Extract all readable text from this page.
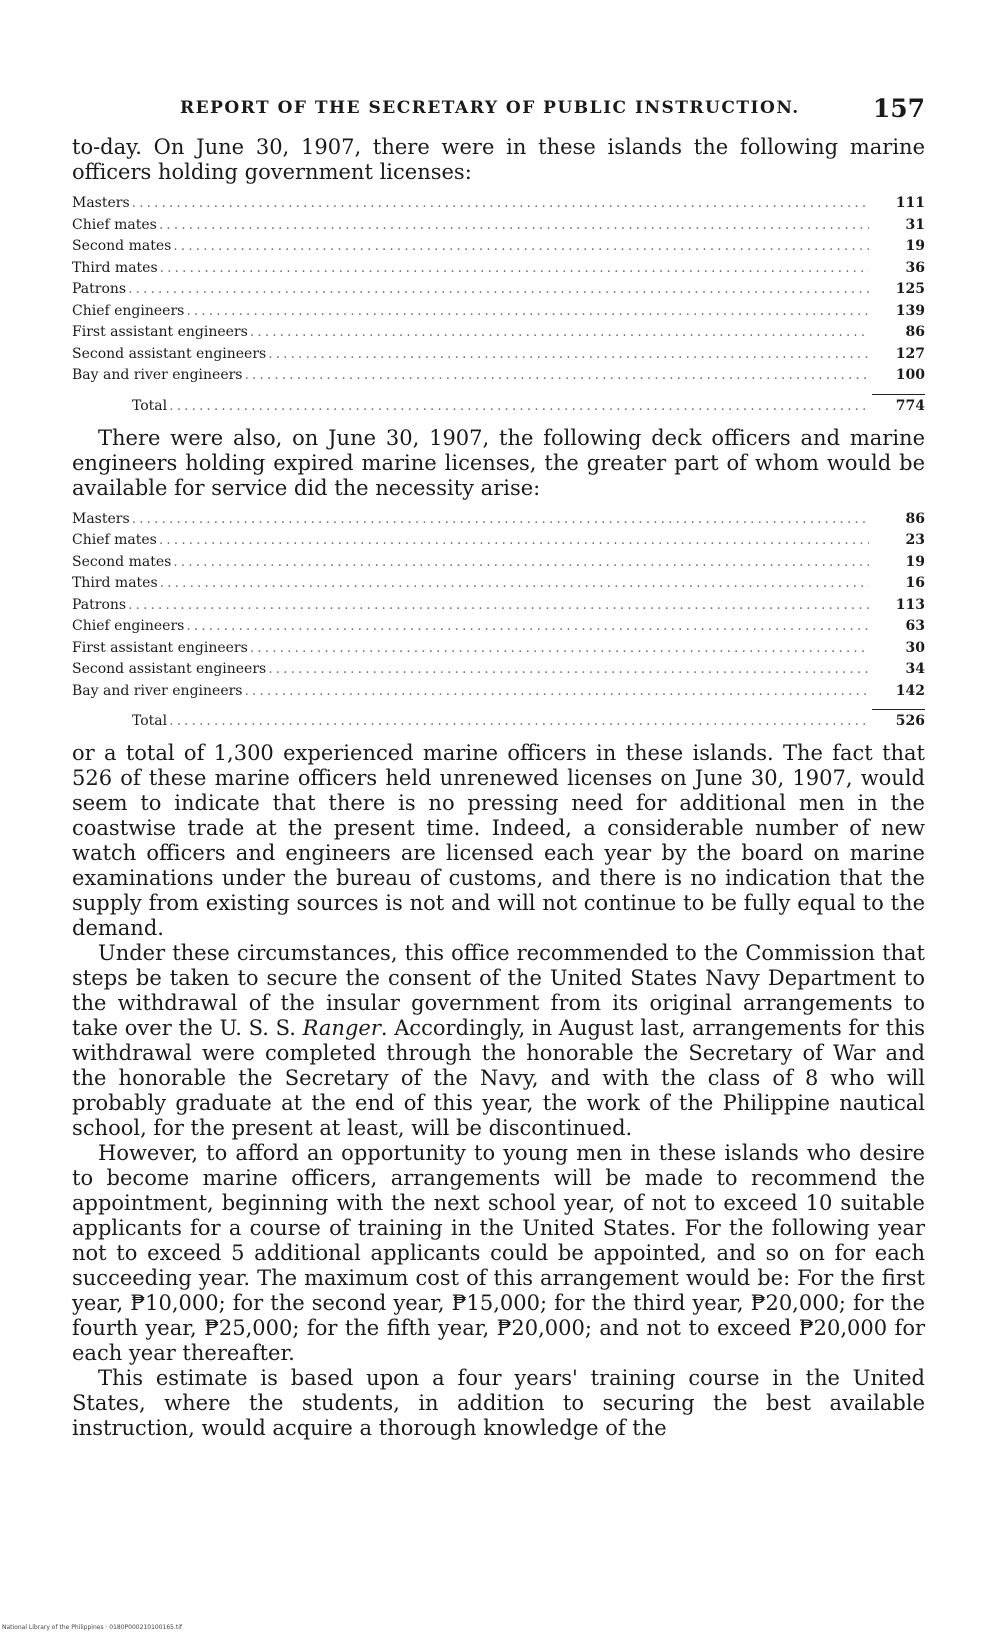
REPORT OF THE SECRETARY OF PUBLIC INSTRUCTION.	157

to-day. On June 30, 1907, there were in these islands the following marine officers holding government licenses:

Masters .....	111
Chief mates .....	31
Second mates .....	19
Third mates .....	36
Patrons .....	125
Chief engineers .....	139
First assistant engineers .....	86
Second assistant engineers .....	127
Bay and river engineers .....	100
Total .....	774

There were also, on June 30, 1907, the following deck officers and marine engineers holding expired marine licenses, the greater part of whom would be available for service did the necessity arise:

Masters .....	86
Chief mates .....	23
Second mates .....	19
Third mates .....	16
Patrons .....	113
Chief engineers .....	63
First assistant engineers .....	30
Second assistant engineers .....	34
Bay and river engineers .....	142
Total .....	526

or a total of 1,300 experienced marine officers in these islands. The fact that 526 of these marine officers held unrenewed licenses on June 30, 1907, would seem to indicate that there is no pressing need for additional men in the coastwise trade at the present time. Indeed, a considerable number of new watch officers and engineers are licensed each year by the board on marine examinations under the bureau of customs, and there is no indication that the supply from existing sources is not and will not continue to be fully equal to the demand.

Under these circumstances, this office recommended to the Commission that steps be taken to secure the consent of the United States Navy Department to the withdrawal of the insular government from its original arrangements to take over the U. S. S. Ranger. Accordingly, in August last, arrangements for this withdrawal were completed through the honorable the Secretary of War and the honorable the Secretary of the Navy, and with the class of 8 who will probably graduate at the end of this year, the work of the Philippine nautical school, for the present at least, will be discontinued.

However, to afford an opportunity to young men in these islands who desire to become marine officers, arrangements will be made to recommend the appointment, beginning with the next school year, of not to exceed 10 suitable applicants for a course of training in the United States. For the following year not to exceed 5 additional applicants could be appointed, and so on for each succeeding year. The maximum cost of this arrangement would be: For the first year, ₱10,000; for the second year, ₱15,000; for the third year, ₱20,000; for the fourth year, ₱25,000; for the fifth year, ₱20,000; and not to exceed ₱20,000 for each year thereafter.

This estimate is based upon a four years' training course in the United States, where the students, in addition to securing the best available instruction, would acquire a thorough knowledge of the

National Library of the Philippines · 0180P000210100165.tif
